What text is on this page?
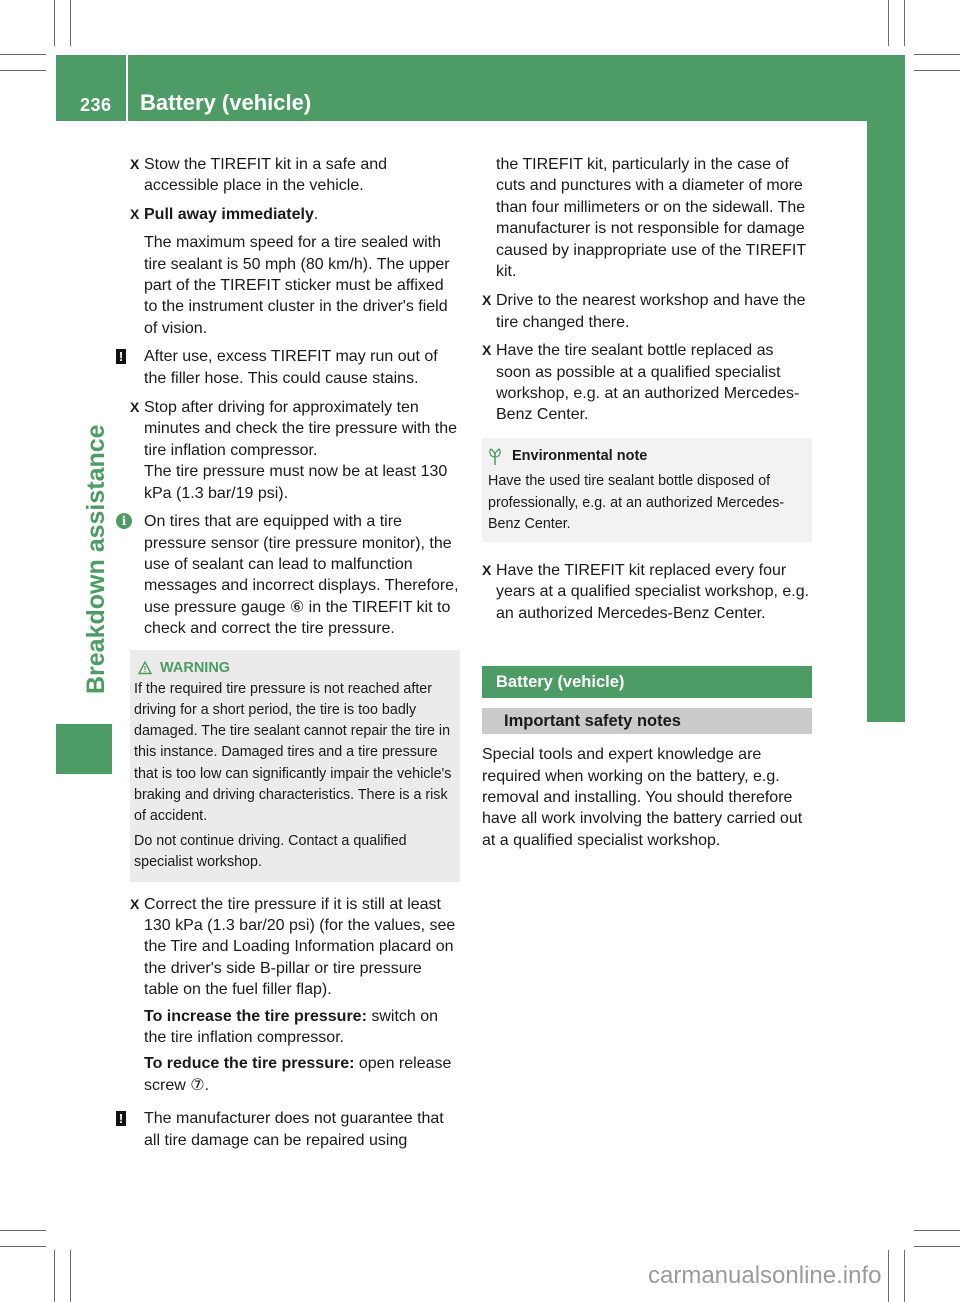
236 Battery (vehicle)
Breakdown assistance
X Stow the TIREFIT kit in a safe and accessible place in the vehicle.

X Pull away immediately.

The maximum speed for a tire sealed with tire sealant is 50 mph (80 km/h). The upper part of the TIREFIT sticker must be affixed to the instrument cluster in the driver's field of vision.

! After use, excess TIREFIT may run out of the filler hose. This could cause stains.

X Stop after driving for approximately ten minutes and check the tire pressure with the tire inflation compressor.
The tire pressure must now be at least 130 kPa (1.3 bar/19 psi).

i	On tires that are equipped with a tire pressure sensor (tire pressure monitor), the use of sealant can lead to malfunction messages and incorrect displays. Therefore, use pressure gauge ⑥ in the TIREFIT kit to check and correct the tire pressure.

WARNING

If the required tire pressure is not reached after driving for a short period, the tire is too badly damaged. The tire sealant cannot repair the tire in this instance. Damaged tires and a tire pressure that is too low can significantly impair the vehicle's braking and driving characteristics. There is a risk of accident.

Do not continue driving. Contact a qualified specialist workshop.

X Correct the tire pressure if it is still at least 130 kPa (1.3 bar/20 psi) (for the values, see the Tire and Loading Information placard on the driver's side B-pillar or tire pressure table on the fuel filler flap).

To increase the tire pressure: switch on the tire inflation compressor.

To reduce the tire pressure: open release screw ⑦.

! The manufacturer does not guarantee that all tire damage can be repaired using

the TIREFIT kit, particularly in the case of cuts and punctures with a diameter of more than four millimeters or on the sidewall. The manufacturer is not responsible for damage caused by inappropriate use of the TIREFIT kit.

X Drive to the nearest workshop and have the tire changed there.

X Have the tire sealant bottle replaced as soon as possible at a qualified specialist workshop, e.g. at an authorized Mercedes-Benz Center.

Environmental note

Have the used tire sealant bottle disposed of professionally, e.g. at an authorized Mercedes-Benz Center.

X Have the TIREFIT kit replaced every four years at a qualified specialist workshop, e.g. an authorized Mercedes-Benz Center.

Battery (vehicle)
Important safety notes

Special tools and expert knowledge are required when working on the battery, e.g. removal and installing. You should therefore have all work involving the battery carried out at a qualified specialist workshop.

carmanualsonline.info
